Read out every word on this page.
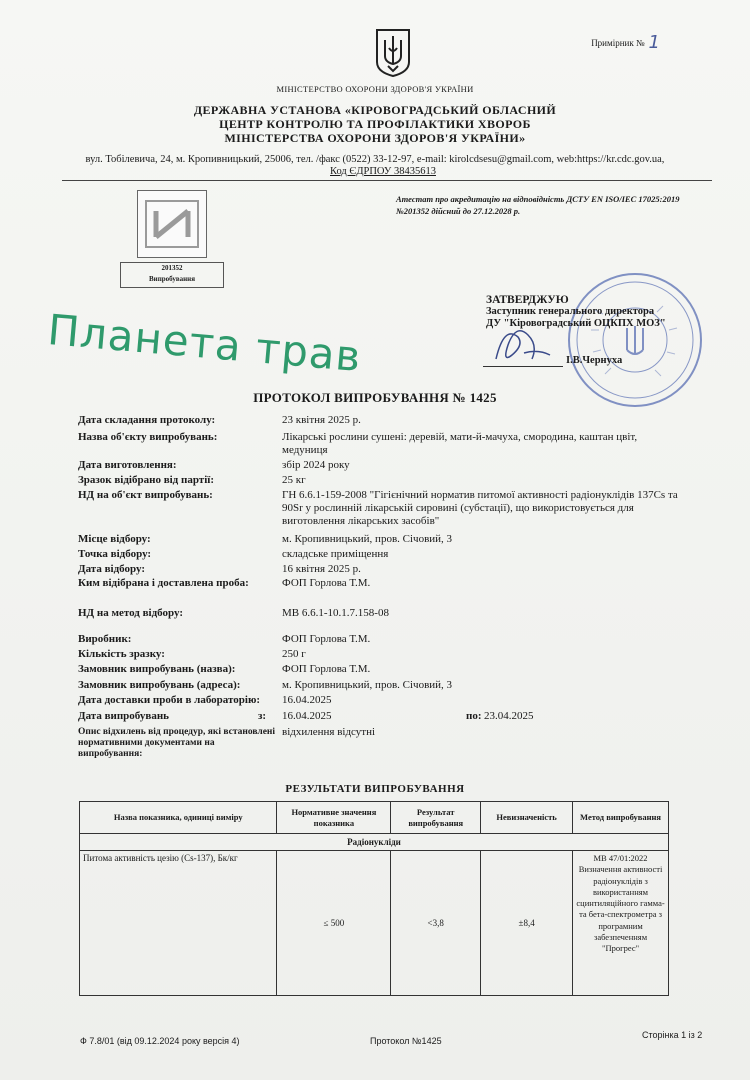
Примірник № 1
МІНІСТЕРСТВО ОХОРОНИ ЗДОРОВ'Я УКРАЇНИ
ДЕРЖАВНА УСТАНОВА «КІРОВОГРАДСЬКИЙ ОБЛАСНИЙ
ЦЕНТР КОНТРОЛЮ ТА ПРОФІЛАКТИКИ ХВОРОБ
МІНІСТЕРСТВА ОХОРОНИ ЗДОРОВ'Я УКРАЇНИ»
вул. Тобілевича, 24, м. Кропивницький, 25006, тел. /факс (0522) 33-12-97, e-mail: kirolcdsesu@gmail.com, web:https://kr.cdc.gov.ua,
Код ЄДРПОУ 38435613
201352
Випробування
Атестат про акредитацію на відповідність ДСТУ EN ISO/IEC 17025:2019
№201352 дійсний до 27.12.2028 р.
ЗАТВЕРДЖУЮ
Заступник генерального директора
ДУ "Кіровоградський ОЦКПХ МОЗ"
І.В.Чернуха
Планета трав
ПРОТОКОЛ ВИПРОБУВАННЯ № 1425
Дата складання протоколу:	23 квітня 2025 р.
Назва об'єкту випробувань:	Лікарські рослини сушені: деревій, мати-й-мачуха, смородина, каштан цвіт, медуниця
Дата виготовлення:	збір 2024 року
Зразок відібрано від партії:	25 кг
НД на об'єкт випробувань:	ГН 6.6.1-159-2008 "Гігієнічний норматив питомої активності радіонуклідів 137Cs та 90Sr у рослинній лікарській сировині (субстації), що використовується для виготовлення лікарських засобів"
Місце відбору:	м. Кропивницький, пров. Січовий, 3
Точка відбору:	складське приміщення
Дата відбору:	16 квітня 2025 р.
Ким відібрана і доставлена проба:	ФОП Горлова Т.М.
НД на метод відбору:	МВ 6.6.1-10.1.7.158-08
Виробник:	ФОП Горлова Т.М.
Кількість зразку:	250 г
Замовник випробувань (назва):	ФОП Горлова Т.М.
Замовник випробувань (адреса):	м. Кропивницький, пров. Січовий, 3
Дата доставки проби в лабораторію: 16.04.2025
Дата випробувань	з: 16.04.2025	по: 23.04.2025
Опис відхилень від процедур, які встановлені нормативними документами на випробування:
відхилення відсутні
РЕЗУЛЬТАТИ ВИПРОБУВАННЯ
Назва показника, одиниці виміру	Нормативне значення показника	Результат випробування	Невизначеність	Метод випробування
Радіонукліди				
Питома активність цезію (Cs-137), Бк/кг	≤ 500	<3,8	±8,4	МВ 47/01:2022 Визначення активності радіонуклідів з використанням сцинтиляційного гамма- та бета-спектрометра з програмним забезпеченням "Прогрес"
Ф 7.8/01 (від 09.12.2024 року версія 4)	Протокол №1425
Сторінка 1 із 2
